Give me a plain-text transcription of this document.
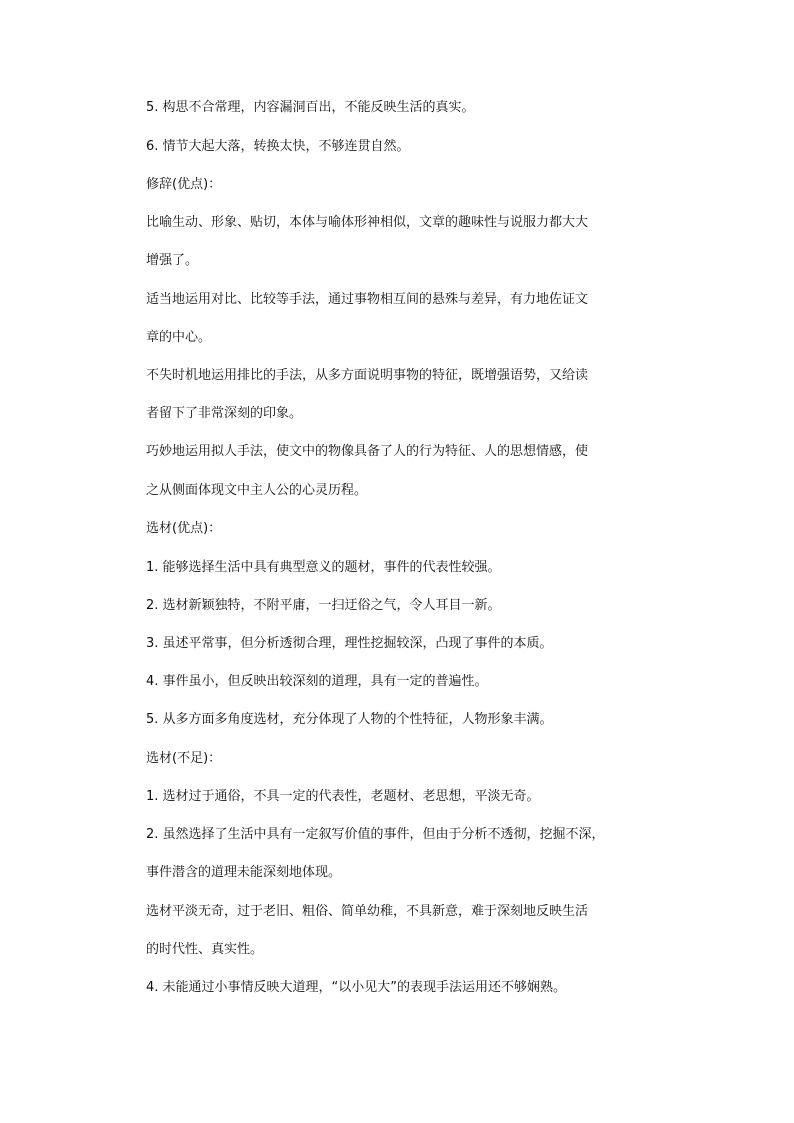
5. 构思不合常理，内容漏洞百出，不能反映生活的真实。
6. 情节大起大落，转换太快，不够连贯自然。
修辞(优点)：
比喻生动、形象、贴切，本体与喻体形神相似，文章的趣味性与说服力都大大
增强了。
适当地运用对比、比较等手法，通过事物相互间的悬殊与差异，有力地佐证文
章的中心。
不失时机地运用排比的手法，从多方面说明事物的特征，既增强语势，又给读
者留下了非常深刻的印象。
巧妙地运用拟人手法，使文中的物像具备了人的行为特征、人的思想情感，使
之从侧面体现文中主人公的心灵历程。
选材(优点)：
1. 能够选择生活中具有典型意义的题材，事件的代表性较强。
2. 选材新颖独特，不附平庸，一扫迂俗之气，令人耳目一新。
3. 虽述平常事，但分析透彻合理，理性挖掘较深，凸现了事件的本质。
4. 事件虽小，但反映出较深刻的道理，具有一定的普遍性。
5. 从多方面多角度选材，充分体现了人物的个性特征，人物形象丰满。
选材(不足)：
1. 选材过于通俗，不具一定的代表性，老题材、老思想，平淡无奇。
2. 虽然选择了生活中具有一定叙写价值的事件，但由于分析不透彻，挖掘不深，
事件潜含的道理未能深刻地体现。
选材平淡无奇，过于老旧、粗俗、简单幼稚，不具新意，难于深刻地反映生活
的时代性、真实性。
4. 未能通过小事情反映大道理，“以小见大”的表现手法运用还不够娴熟。
